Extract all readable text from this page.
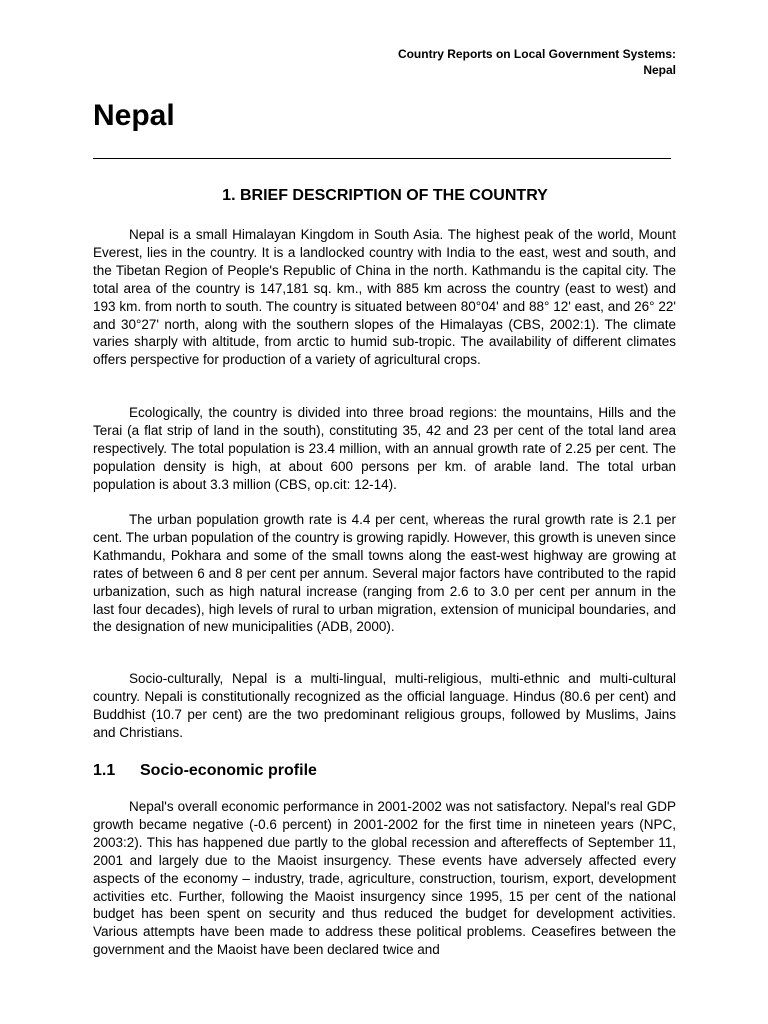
Country Reports on Local Government Systems:
Nepal
Nepal
1. BRIEF DESCRIPTION OF THE COUNTRY

Nepal is a small Himalayan Kingdom in South Asia. The highest peak of the world, Mount Everest, lies in the country. It is a landlocked country with India to the east, west and south, and the Tibetan Region of People's Republic of China in the north. Kathmandu is the capital city. The total area of the country is 147,181 sq. km., with 885 km across the country (east to west) and 193 km. from north to south. The country is situated between 80°04' and 88° 12' east, and 26° 22' and 30°27' north, along with the southern slopes of the Himalayas (CBS, 2002:1). The climate varies sharply with altitude, from arctic to humid sub-tropic. The availability of different climates offers perspective for production of a variety of agricultural crops.

Ecologically, the country is divided into three broad regions: the mountains, Hills and the Terai (a flat strip of land in the south), constituting 35, 42 and 23 per cent of the total land area respectively. The total population is 23.4 million, with an annual growth rate of 2.25 per cent. The population density is high, at about 600 persons per km. of arable land. The total urban population is about 3.3 million (CBS, op.cit: 12-14).

The urban population growth rate is 4.4 per cent, whereas the rural growth rate is 2.1 per cent. The urban population of the country is growing rapidly. However, this growth is uneven since Kathmandu, Pokhara and some of the small towns along the east-west highway are growing at rates of between 6 and 8 per cent per annum. Several major factors have contributed to the rapid urbanization, such as high natural increase (ranging from 2.6 to 3.0 per cent per annum in the last four decades), high levels of rural to urban migration, extension of municipal boundaries, and the designation of new municipalities (ADB, 2000).

Socio-culturally, Nepal is a multi-lingual, multi-religious, multi-ethnic and multi-cultural country. Nepali is constitutionally recognized as the official language. Hindus (80.6 per cent) and Buddhist (10.7 per cent) are the two predominant religious groups, followed by Muslims, Jains and Christians.

1.1 Socio-economic profile

Nepal's overall economic performance in 2001-2002 was not satisfactory. Nepal's real GDP growth became negative (-0.6 percent) in 2001-2002 for the first time in nineteen years (NPC, 2003:2). This has happened due partly to the global recession and aftereffects of September 11, 2001 and largely due to the Maoist insurgency. These events have adversely affected every aspects of the economy – industry, trade, agriculture, construction, tourism, export, development activities etc. Further, following the Maoist insurgency since 1995, 15 per cent of the national budget has been spent on security and thus reduced the budget for development activities. Various attempts have been made to address these political problems. Ceasefires between the government and the Maoist have been declared twice and
